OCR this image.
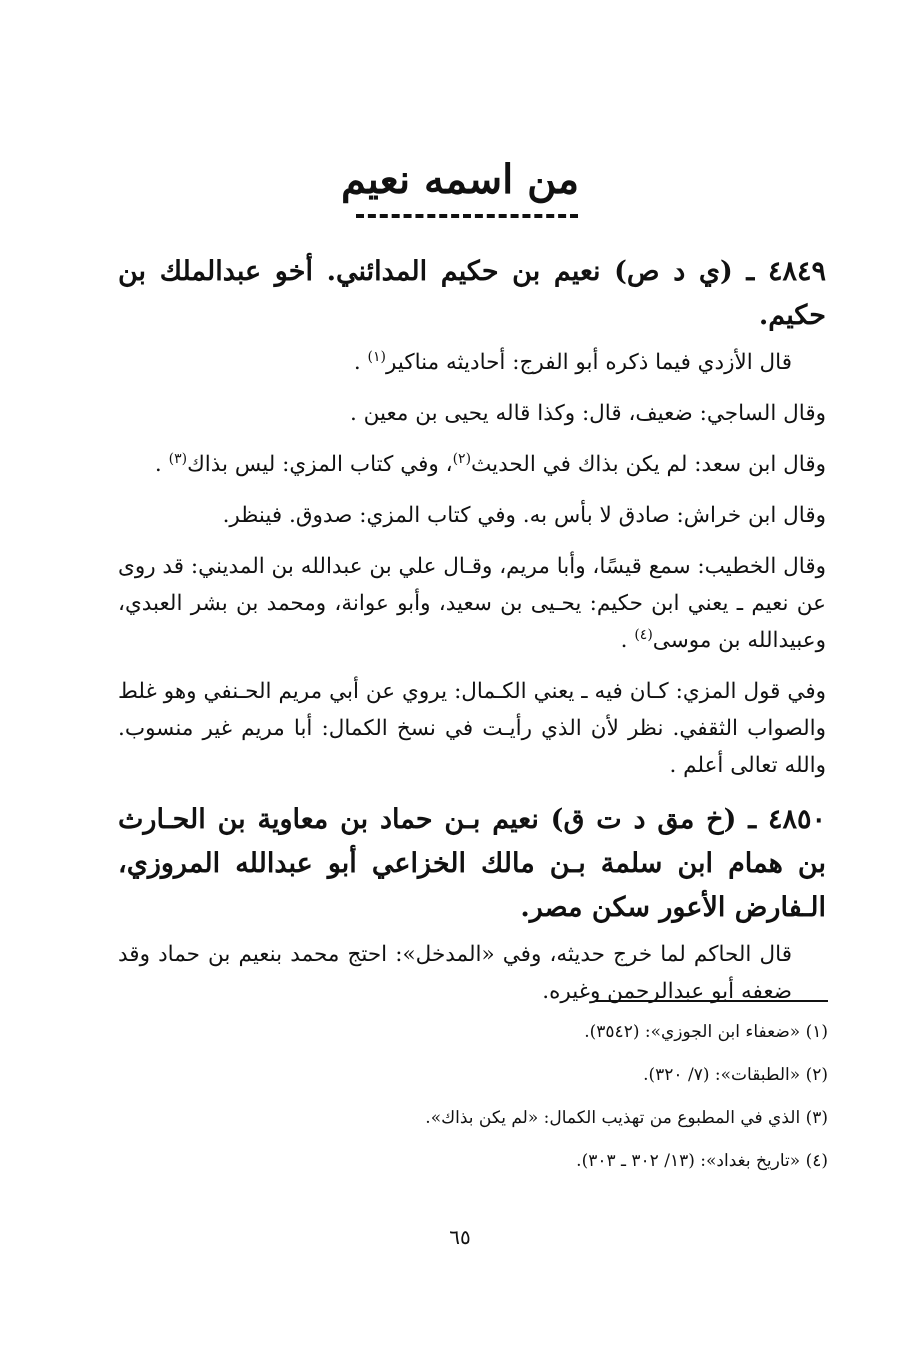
من اسمه نعيم
٤٨٤٩ ـ (ي د ص) نعيم بن حكيم المدائني. أخو عبدالملك بن حكيم.

قال الأزدي فيما ذكره أبو الفرج: أحاديثه مناكير$^{(١)}$ .

وقال الساجي: ضعيف، قال: وكذا قاله يحيى بن معين .

وقال ابن سعد: لم يكن بذاك في الحديث$^{(٢)}$، وفي كتاب المزي: ليس بذاك$^{(٣)}$ .

وقال ابن خراش: صادق لا بأس به. وفي كتاب المزي: صدوق. فينظر.

وقال الخطيب: سمع قيسًا، وأبا مريم، وقـال علي بن عبدالله بن المديني: قد روى عن نعيم ـ يعني ابن حكيم: يحـيى بن سعيد، وأبو عوانة، ومحمد بن بشر العبدي، وعبيدالله بن موسى$^{(٤)}$ .

وفي قول المزي: كـان فيه ـ يعني الكـمال: يروي عن أبي مريم الحـنفي وهو غلط والصواب الثقفي. نظر لأن الذي رأيـت في نسخ الكمال: أبا مريم غير منسوب. والله تعالى أعلم .

٤٨٥٠ ـ (خ مق د ت ق) نعيم بـن حماد بن معاوية بن الحـارث بن همام ابن سلمة بـن مالك الخزاعي أبو عبدالله المروزي، الـفارض الأعور سكن مصر.

قال الحاكم لما خرج حديثه، وفي «المدخل»: احتج محمد بنعيم بن حماد وقد ضعفه أبو عبدالرحمن وغيره.

(١) «ضعفاء ابن الجوزي»: (٣٥٤٢).

(٢) «الطبقات»: (٧/ ٣٢٠).

(٣) الذي في المطبوع من تهذيب الكمال: «لم يكن بذاك».

(٤) «تاريخ بغداد»: (١٣/ ٣٠٢ ـ ٣٠٣).

٦٥
